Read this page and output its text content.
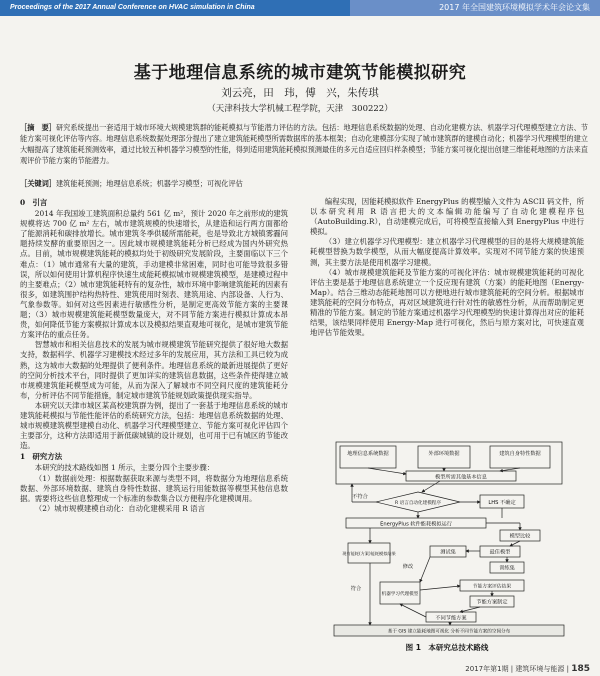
Proceedings of the 2017 Annual Conference on HVAC simulation in China	2017 年全国建筑环境模拟学术年会论文集
基于地理信息系统的城市建筑节能模拟研究
刘云亮，田　玮，傅　兴，朱传琪
（天津科技大学机械工程学院，天津　300222）
［摘　要］研究系统提出一套适用于城市环境大规模建筑群的能耗模拟与节能潜力评估的方法。包括：地理信息系统数据的处理、自动化建模方法、机器学习代理模型建立方法、节能方案可视化评估等内容。地理信息系统数据处理部分提出了建立建筑能耗模型所需数据库的基本框架；自动化建模部分实现了城市建筑群的建模自动化；机器学习代理模型的建立大幅提高了建筑能耗预测效率，通过比较五种机器学习模型的性能，得到适用建筑能耗模拟预测最佳的多元自适应回归样条模型；节能方案可视化提出创建三维能耗地图的方法来直观评价节能方案的节能潜力。
［关键词］建筑能耗预测；地理信息系统；机器学习模型；可视化评估

0　引言

2014 年我国竣工建筑面积总量约 561 亿 m²，预计 2020 年之前形成的建筑规模将达 700 亿 m² 左右，城市建筑规模的快速增长，从建造和运行两方面都给了能源消耗和碳排放增长。城市建筑冬季供暖所需能耗，也是导致北方城镇雾霾问题持续发酵的重要原因之一。因此城市规模建筑能耗分析已经成为国内外研究热点。目前，城市规模建筑能耗的模拟均处于初级研究发展阶段，主要面临以下三个难点：（1）城市通常有大量的建筑，手动建模非常困难，同时也可能导致很多错误，所以如何使用计算机程序快速生成能耗模拟城市规模建筑模型，是建模过程中的主要难点；（2）城市建筑能耗特有的复杂性，城市环境中影响建筑能耗的因素有很多，如建筑围护结构热特性、建筑使用时刻表、建筑用途、内部设备、人行为、气象参数等。如何对这些因素进行敏感性分析，是制定更高效节能方案的主要课题；（3）城市规模建筑能耗模型数量庞大，对不同节能方案进行模拟计算成本昂贵，如何降低节能方案模拟计算成本以及模拟结果直观地可视化，是城市建筑节能方案评估的重点任务。

智慧城市和相关信息技术的发展为城市规模建筑节能研究提供了很好地大数据支持，数据科学、机器学习建模技术经过多年的发展应用，其方法和工具已较为成熟，这为城市大数据的处理提供了便利条件。地理信息系统的最新进展提供了更好的空间分析技术平台，同时提供了更加详实的建筑信息数据，这些条件使得建立城市规模建筑能耗模型成为可能，从而为深入了解城市不同空间尺度的建筑能耗分布，分析评估不同节能措施，制定城市建筑节能规划政策提供现实指导。

本研究以天津市城区某高校建筑群为例，提出了一套基于地理信息系统的城市建筑能耗模拟与节能性能评估的系统研究方法，包括：地理信息系统数据的处理、城市规模建筑模型建模自动化、机器学习代理模型建立、节能方案可视化评估四个主要部分，这种方法即适用于新低碳城镇的设计规划，也可用于已有城区的节能改造。

1　研究方法

本研究的技术路线如图 1 所示，主要分四个主要步骤：

（1）数据前处理：根据数据获取来源与类型不同，将数据分为地理信息系统数据、外部环境数据、建筑自身特性数据、建筑运行用能数据等模型其他信息数据。需要将这些信息整理成一个标准的参数集合以方便程序化建模调用。

（2）城市规模建模自动化：自动化建模采用 R 语言

编程实现，因能耗模拟软件 EnergyPlus 的模型输入文件为 ASCII 码文件，所以本研究利用 R 语言把大的文本编辑功能编写了自动化建模程序包（AutoBuilding.R），自动建模完成后，可将模型直接输入到 EnergyPlus 中进行模拟。

（3）建立机器学习代理模型：建立机器学习代理模型的目的是将大规模建筑能耗模型替换为数学模型，从而大幅度提高计算效率。实现对不同节能方案的快速预测，其主要方法是使用机器学习建模。

（4）城市规模建筑能耗及节能方案的可视化评估：城市规模建筑能耗的可视化评估主要是基于地理信息系统建立一个反应现有建筑（方案）的能耗地图（Energy-Map）。结合三维动态能耗地图可以方便地进行城市建筑能耗的空间分析。根据城市建筑能耗的空间分布特点，再对区域建筑进行针对性的敏感性分析，从而帮助制定更精准的节能方案。制定的节能方案通过机器学习代理模型的快速计算得出对应的能耗结果，该结果同样使用 Energy-Map 进行可视化，然后与原方案对比，可快速直观地评估节能效果。

地理信息系统数据	外部环境数据	建筑自身特性数据
模型所需其他基本信息
不符合
R 语言自动化建模程序	LHS 不确定
EnergyPlus 软件能耗模拟运行
模型比较
最佳模型
测试集
训练集
修改
现有能耗(方案)能耗模拟结果
符合
机器学习代理模型
节能方案评估结果
节能方案制定
不同节能方案
基于 GIS 建立能耗地图可视化 分析不同节能方案的空间分布
图 1　本研究总技术路线
2017年第1期 | 建筑环境与能源 | 185
